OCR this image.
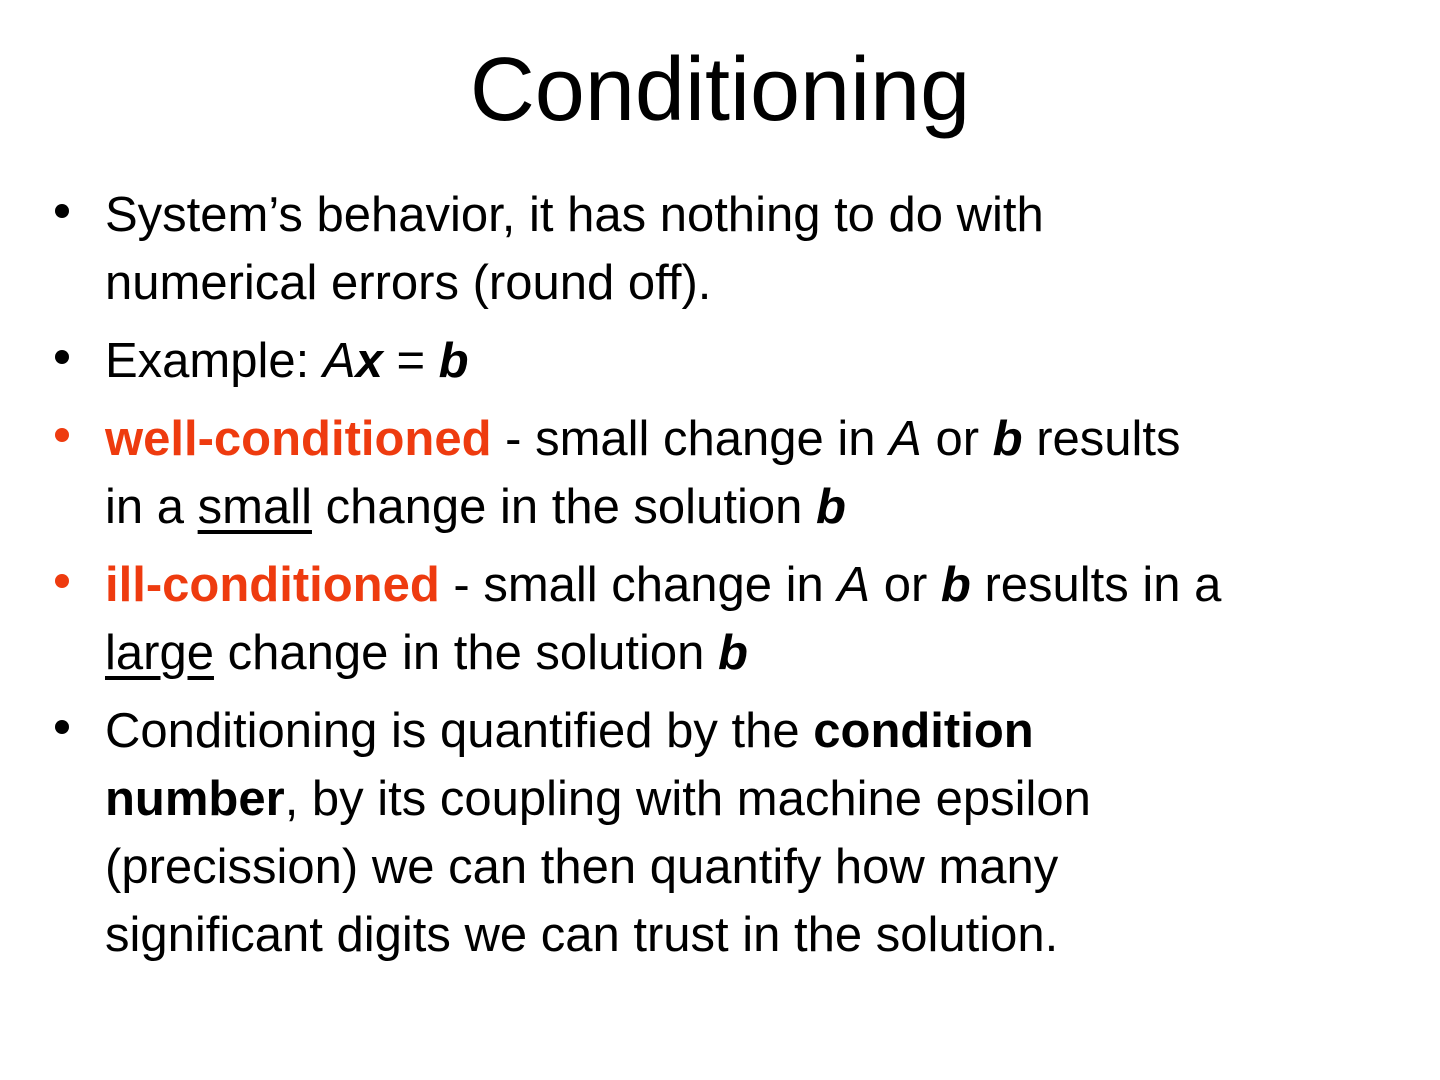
Conditioning
System’s behavior, it has nothing to do with
numerical errors (round off).
Example: Ax = b
well-conditioned - small change in A or b results
in a small change in the solution b
ill-conditioned - small change in A or b results in a
large change in the solution b
Conditioning is quantified by the condition
number, by its coupling with machine epsilon
(precission) we can then quantify how many
significant digits we can trust in the solution.
